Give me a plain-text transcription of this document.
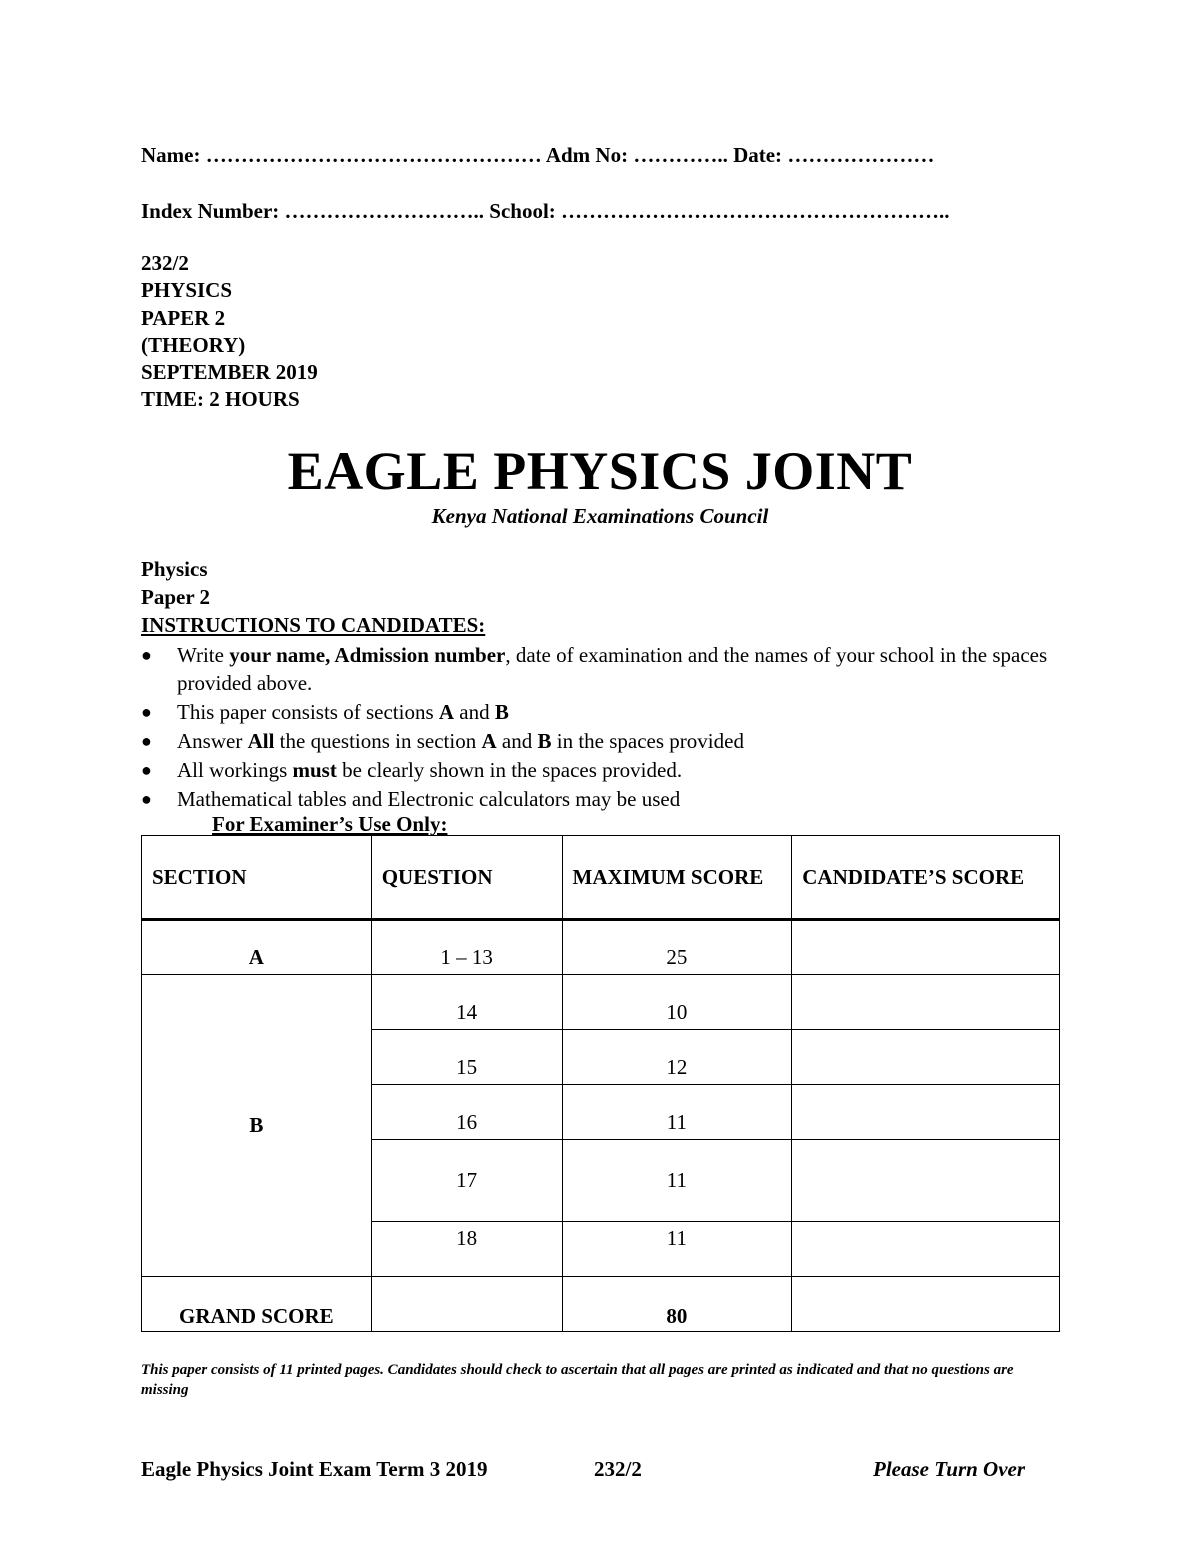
Name: ………………………………………… Adm No: ………….. Date: …………………
Index Number: ……………………….. School: ………………………………………………..
232/2
PHYSICS
PAPER 2
(THEORY)
SEPTEMBER 2019
TIME: 2 HOURS
EAGLE PHYSICS JOINT
Kenya National Examinations Council
Physics
Paper 2
INSTRUCTIONS TO CANDIDATES:
● Write your name, Admission number, date of examination and the names of your school in the spaces provided above.
● This paper consists of sections A and B
● Answer All the questions in section A and B in the spaces provided
● All workings must be clearly shown in the spaces provided.
● Mathematical tables and Electronic calculators may be used
For Examiner’s Use Only:
SECTION	QUESTION	MAXIMUM SCORE	CANDIDATE’S SCORE
A	1 – 13	25	
B	14	10	
	15	12	
	16	11	
	17	11	
	18	11	
GRAND SCORE		80	
This paper consists of 11 printed pages. Candidates should check to ascertain that all pages are printed as indicated and that no questions are missing
Eagle Physics Joint Exam Term 3 2019	232/2	Please Turn Over
